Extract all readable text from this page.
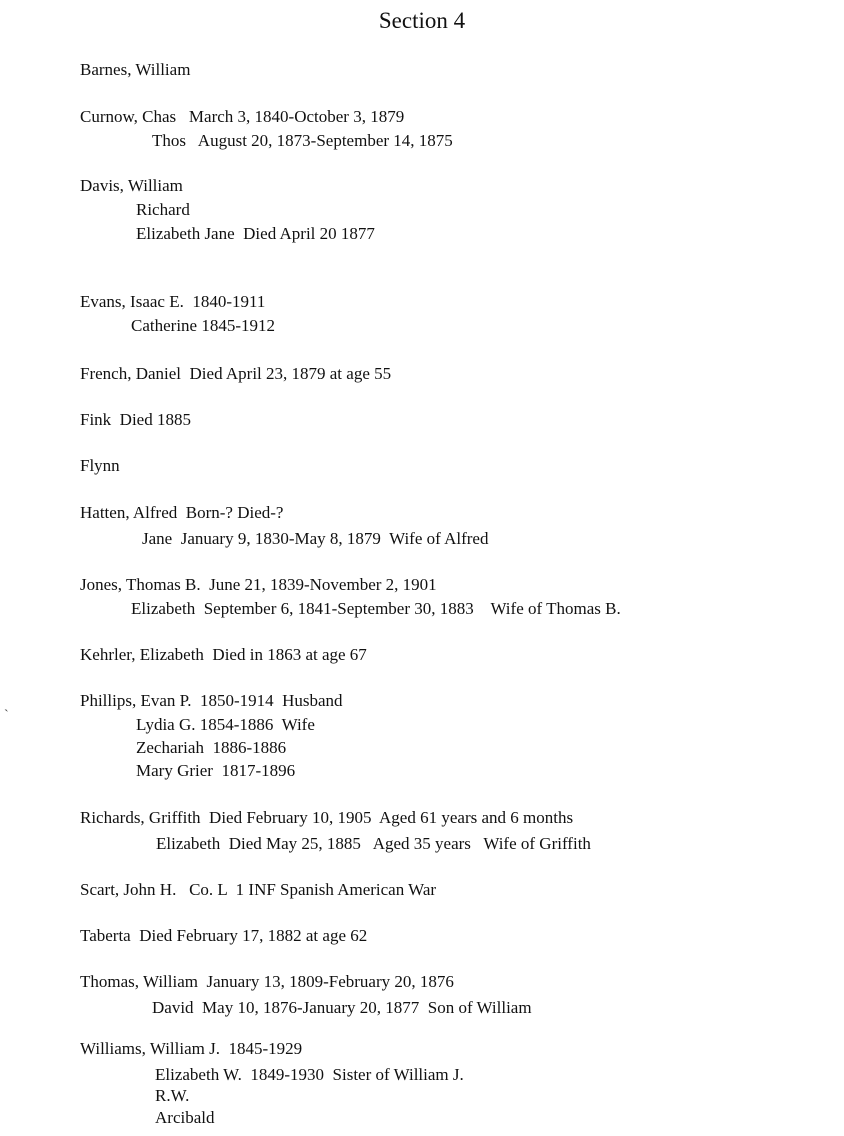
Section 4
`
Barnes, William
Curnow, Chas   March 3, 1840-October 3, 1879
Thos   August 20, 1873-September 14, 1875
Davis, William
Richard
Elizabeth Jane  Died April 20 1877
Evans, Isaac E.  1840-1911
Catherine 1845-1912
French, Daniel  Died April 23, 1879 at age 55
Fink  Died 1885
Flynn
Hatten, Alfred  Born-? Died-?
Jane  January 9, 1830-May 8, 1879  Wife of Alfred
Jones, Thomas B.  June 21, 1839-November 2, 1901
Elizabeth  September 6, 1841-September 30, 1883    Wife of Thomas B.
Kehrler, Elizabeth  Died in 1863 at age 67
Phillips, Evan P.  1850-1914  Husband
Lydia G. 1854-1886  Wife
Zechariah  1886-1886
Mary Grier  1817-1896
Richards, Griffith  Died February 10, 1905  Aged 61 years and 6 months
Elizabeth  Died May 25, 1885   Aged 35 years   Wife of Griffith
Scart, John H.   Co. L  1 INF Spanish American War
Taberta  Died February 17, 1882 at age 62
Thomas, William  January 13, 1809-February 20, 1876
David  May 10, 1876-January 20, 1877  Son of William
Williams, William J.  1845-1929
Elizabeth W.  1849-1930  Sister of William J.
R.W.
Arcibald
